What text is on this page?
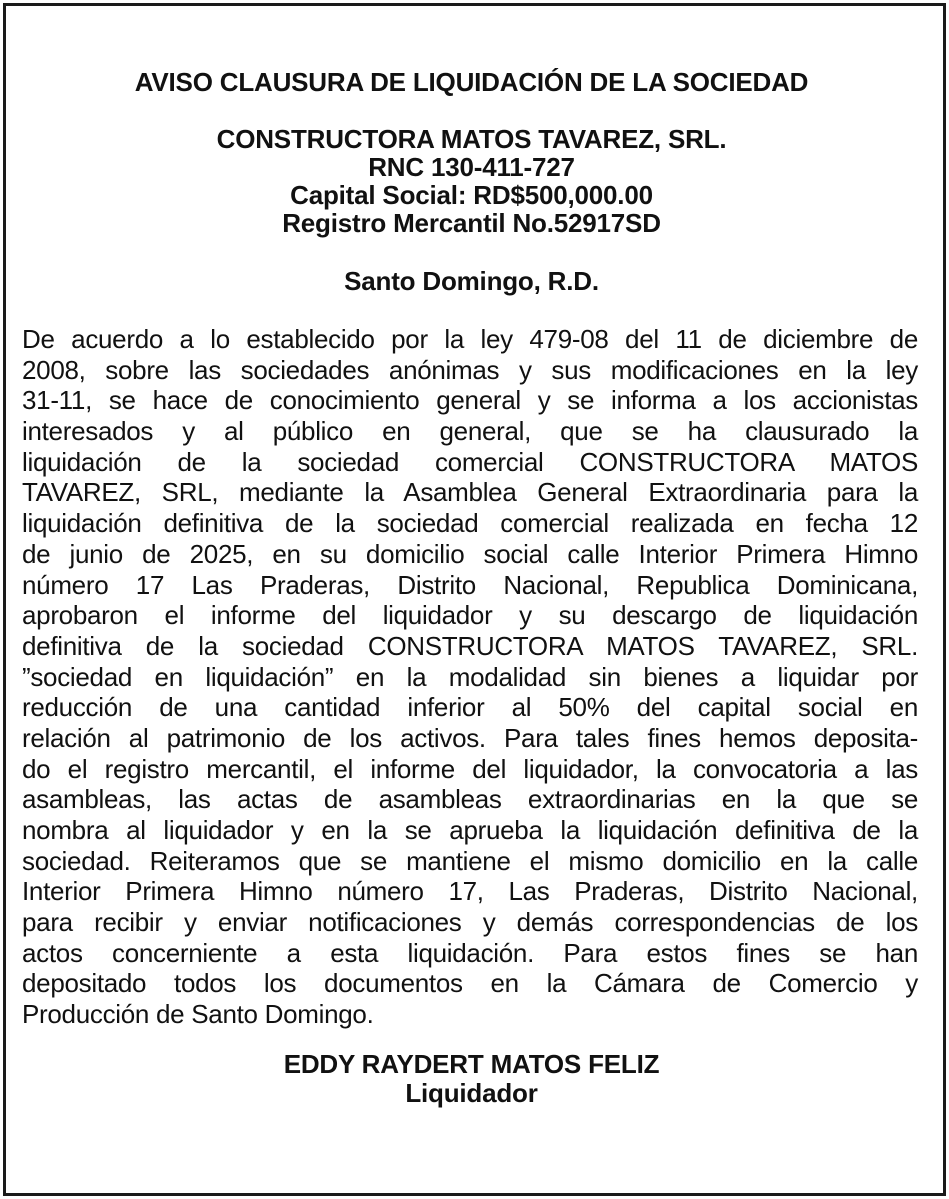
AVISO CLAUSURA DE LIQUIDACIÓN DE LA SOCIEDAD
CONSTRUCTORA MATOS TAVAREZ, SRL.
RNC 130-411-727
Capital Social: RD$500,000.00
Registro Mercantil No.52917SD
Santo Domingo, R.D.
De acuerdo a lo establecido por la ley 479-08 del 11 de diciembre de
2008, sobre las sociedades anónimas y sus modificaciones en la ley
31-11, se hace de conocimiento general y se informa a los accionistas
interesados y al público en general, que se ha clausurado la
liquidación de la sociedad comercial CONSTRUCTORA MATOS
TAVAREZ, SRL, mediante la Asamblea General Extraordinaria para la
liquidación definitiva de la sociedad comercial realizada en fecha 12
de junio de 2025, en su domicilio social calle Interior Primera Himno
número 17 Las Praderas, Distrito Nacional, Republica Dominicana,
aprobaron el informe del liquidador y su descargo de liquidación
definitiva de la sociedad CONSTRUCTORA MATOS TAVAREZ, SRL.
”sociedad en liquidación” en la modalidad sin bienes a liquidar por
reducción de una cantidad inferior al 50% del capital social en
relación al patrimonio de los activos. Para tales fines hemos deposita-
do el registro mercantil, el informe del liquidador, la convocatoria a las
asambleas, las actas de asambleas extraordinarias en la que se
nombra al liquidador y en la se aprueba la liquidación definitiva de la
sociedad. Reiteramos que se mantiene el mismo domicilio en la calle
Interior Primera Himno número 17, Las Praderas, Distrito Nacional,
para recibir y enviar notificaciones y demás correspondencias de los
actos concerniente a esta liquidación. Para estos fines se han
depositado todos los documentos en la Cámara de Comercio y
Producción de Santo Domingo.
EDDY RAYDERT MATOS FELIZ
Liquidador
